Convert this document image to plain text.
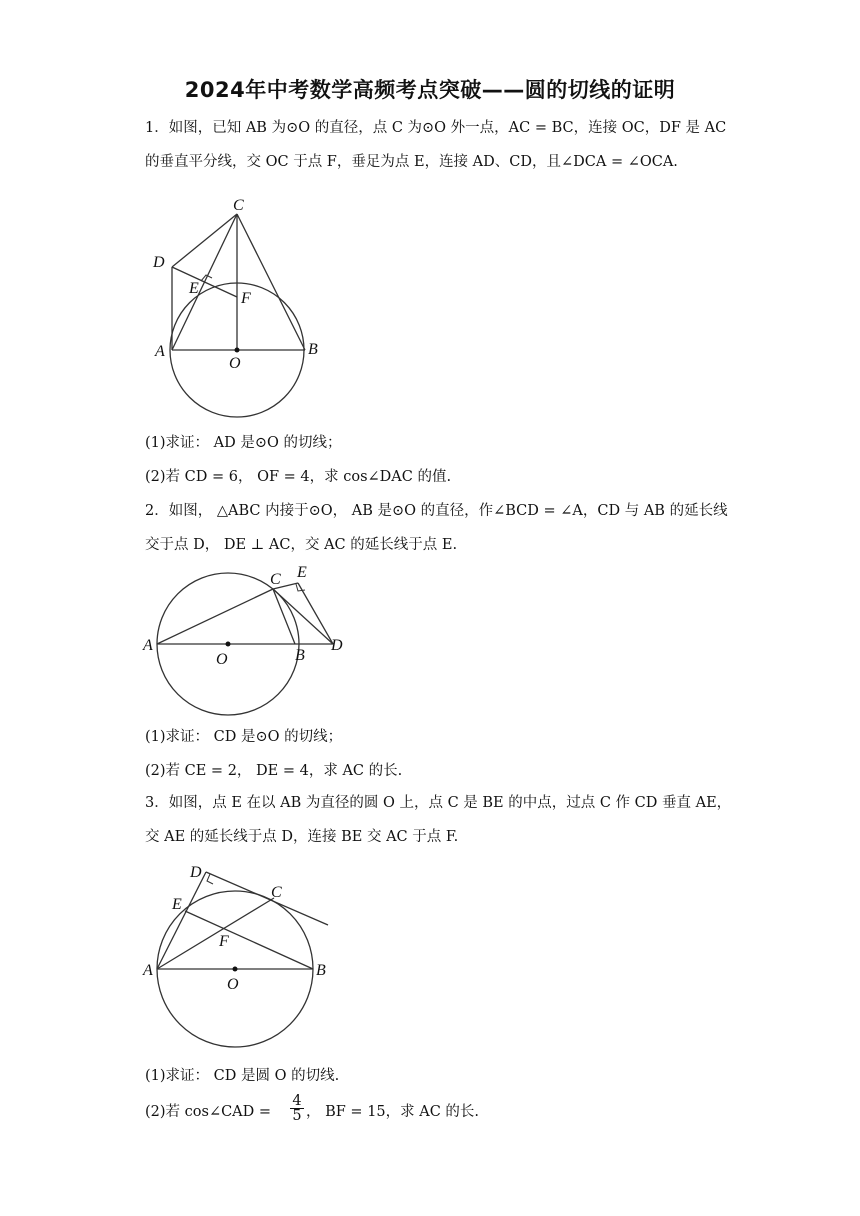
2024年中考数学高频考点突破——圆的切线的证明
1．如图，已知 AB 为⊙O 的直径，点 C 为⊙O 外一点，AC = BC，连接 OC，DF 是 AC
的垂直平分线，交 OC 于点 F，垂足为点 E，连接 AD、CD，且∠DCA = ∠OCA.
C
D
E
F
A
O
B
(1)求证： AD 是⊙O 的切线；
(2)若 CD = 6， OF = 4，求 cos∠DAC 的值.
2．如图， △ABC 内接于⊙O， AB 是⊙O 的直径，作∠BCD = ∠A，CD 与 AB 的延长线
交于点 D， DE ⊥ AC，交 AC 的延长线于点 E.
A
O	B
C E
D
(1)求证： CD 是⊙O 的切线；
(2)若 CE = 2， DE = 4，求 AC 的长.
3．如图，点 E 在以 AB 为直径的圆 O 上，点 C 是 BE 的中点，过点 C 作 CD 垂直 AE，
交 AE 的延长线于点 D，连接 BE 交 AC 于点 F.
D
C
E
F
A
O
B
(1)求证： CD 是圆 O 的切线.
(2)若 cos∠CAD = $\frac{4}{5}$ ， BF = 15，求 AC 的长.
